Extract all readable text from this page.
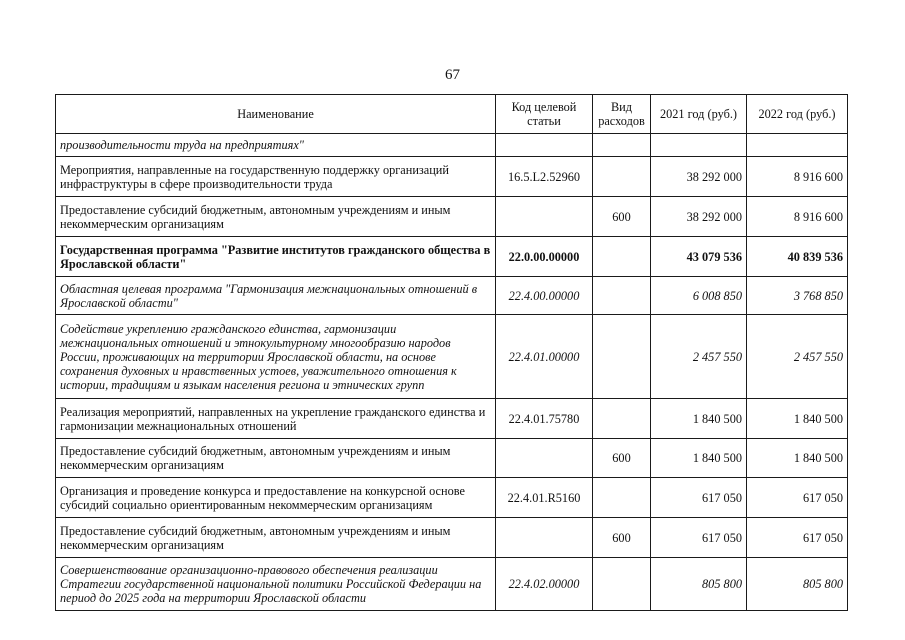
67
Наименование	Код целевой статьи	Вид расходов	2021 год (руб.)	2022 год (руб.)
производительности труда на предприятиях"				
Мероприятия, направленные на государственную поддержку организаций инфраструктуры в сфере производительности труда	16.5.L2.52960		38 292 000	8 916 600
Предоставление субсидий бюджетным, автономным учреждениям и иным некоммерческим организациям		600	38 292 000	8 916 600
Государственная программа "Развитие институтов гражданского общества в Ярославской области"	22.0.00.00000		43 079 536	40 839 536
Областная целевая программа "Гармонизация межнациональных отношений в Ярославской области"	22.4.00.00000		6 008 850	3 768 850
Содействие укреплению гражданского единства, гармонизации межнациональных отношений и этнокультурному многообразию народов России, проживающих на территории Ярославской области, на основе сохранения духовных и нравственных устоев, уважительного отношения к истории, традициям и языкам населения региона и этнических групп	22.4.01.00000		2 457 550	2 457 550
Реализация мероприятий, направленных на укрепление гражданского единства и гармонизации межнациональных отношений	22.4.01.75780		1 840 500	1 840 500
Предоставление субсидий бюджетным, автономным учреждениям и иным некоммерческим организациям		600	1 840 500	1 840 500
Организация и проведение конкурса и предоставление на конкурсной основе субсидий социально ориентированным некоммерческим организациям	22.4.01.R5160		617 050	617 050
Предоставление субсидий бюджетным, автономным учреждениям и иным некоммерческим организациям		600	617 050	617 050
Совершенствование организационно-правового обеспечения реализации Стратегии государственной национальной политики Российской Федерации на период до 2025 года на территории Ярославской области	22.4.02.00000		805 800	805 800
